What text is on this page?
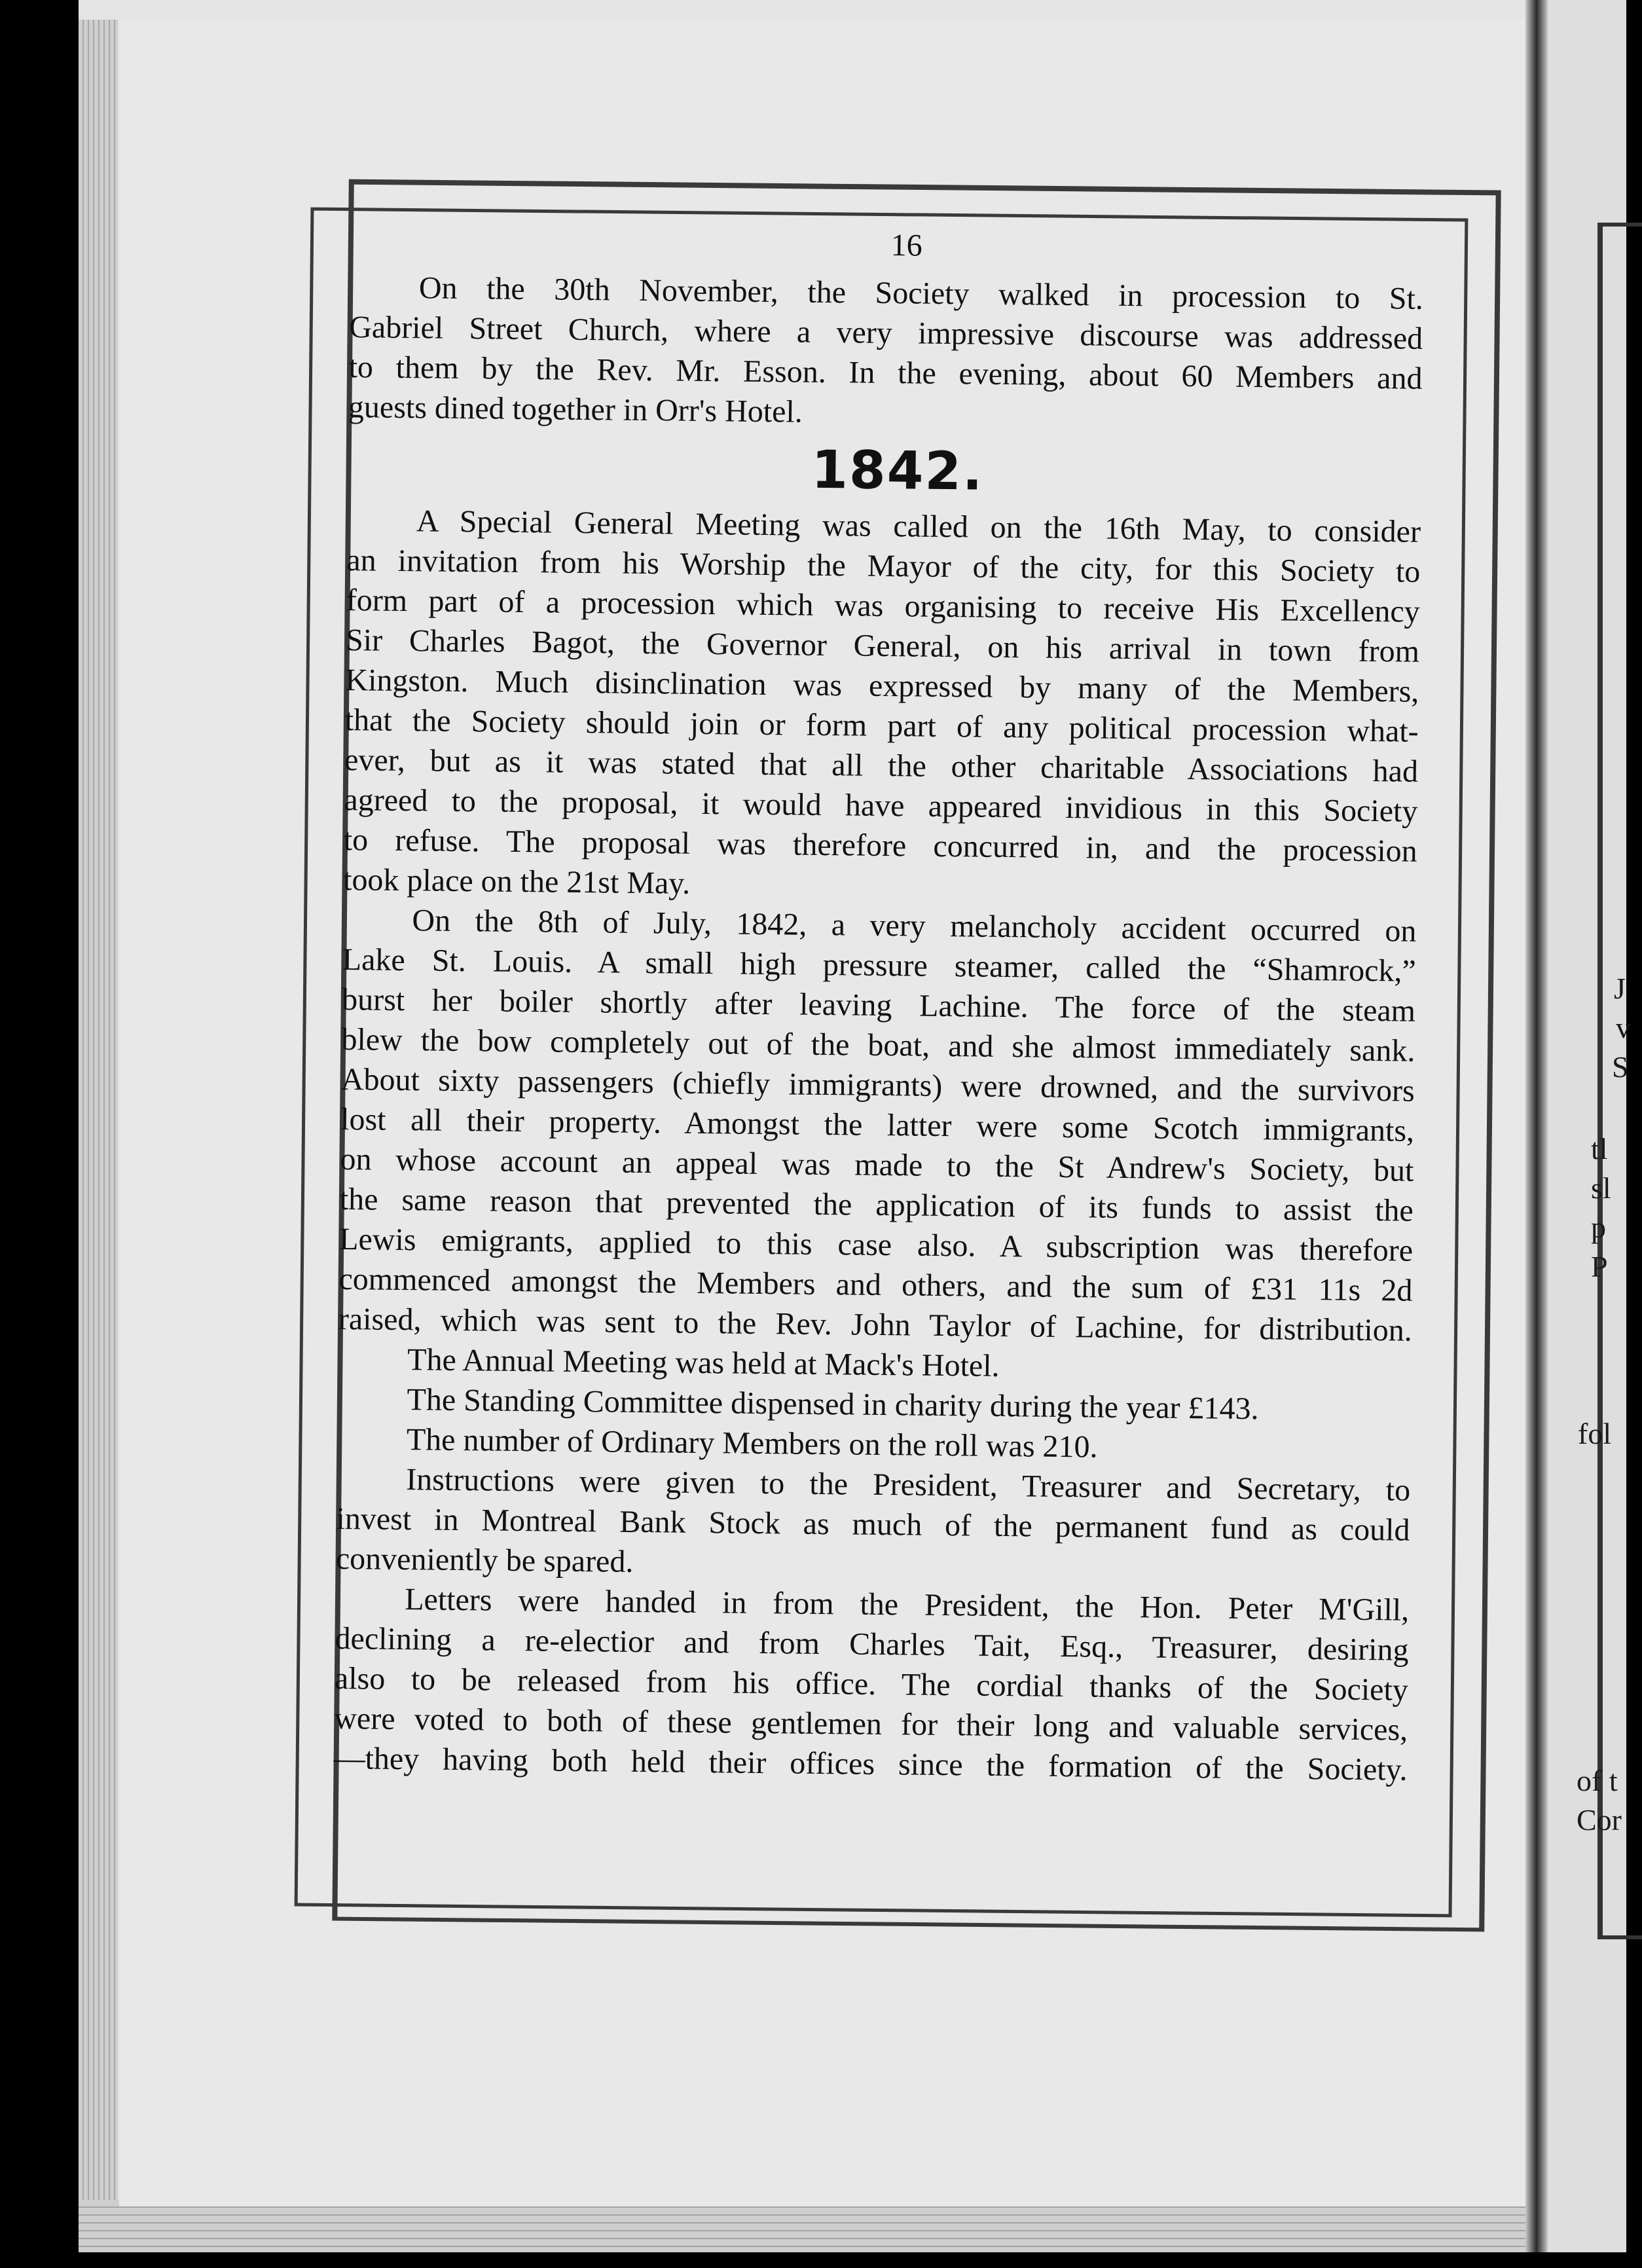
J
v
S
tl
sl
p
P
fol
of t
Cor
16
On the 30th November, the Society walked in procession to St.
Gabriel Street Church, where a very impressive discourse was addressed
to them by the Rev. Mr. Esson. In the evening, about 60 Members and
guests dined together in Orr's Hotel.
1842.
A Special General Meeting was called on the 16th May, to consider
an invitation from his Worship the Mayor of the city, for this Society to
form part of a procession which was organising to receive His Excellency
Sir Charles Bagot, the Governor General, on his arrival in town from
Kingston. Much disinclination was expressed by many of the Members,
that the Society should join or form part of any political procession what-
ever, but as it was stated that all the other charitable Associations had
agreed to the proposal, it would have appeared invidious in this Society
to refuse. The proposal was therefore concurred in, and the procession
took place on the 21st May.
On the 8th of July, 1842, a very melancholy accident occurred on
Lake St. Louis. A small high pressure steamer, called the “Shamrock,”
burst her boiler shortly after leaving Lachine. The force of the steam
blew the bow completely out of the boat, and she almost immediately sank.
About sixty passengers (chiefly immigrants) were drowned, and the survivors
lost all their property. Amongst the latter were some Scotch immigrants,
on whose account an appeal was made to the St Andrew's Society, but
the same reason that prevented the application of its funds to assist the
Lewis emigrants, applied to this case also. A subscription was therefore
commenced amongst the Members and others, and the sum of £31 11s 2d
raised, which was sent to the Rev. John Taylor of Lachine, for distribution.
The Annual Meeting was held at Mack's Hotel.
The Standing Committee dispensed in charity during the year £143.
The number of Ordinary Members on the roll was 210.
Instructions were given to the President, Treasurer and Secretary, to
invest in Montreal Bank Stock as much of the permanent fund as could
conveniently be spared.
Letters were handed in from the President, the Hon. Peter M'Gill,
declining a re-electior and from Charles Tait, Esq., Treasurer, desiring
also to be released from his office. The cordial thanks of the Society
were voted to both of these gentlemen for their long and valuable services,
—they having both held their offices since the formation of the Society.
